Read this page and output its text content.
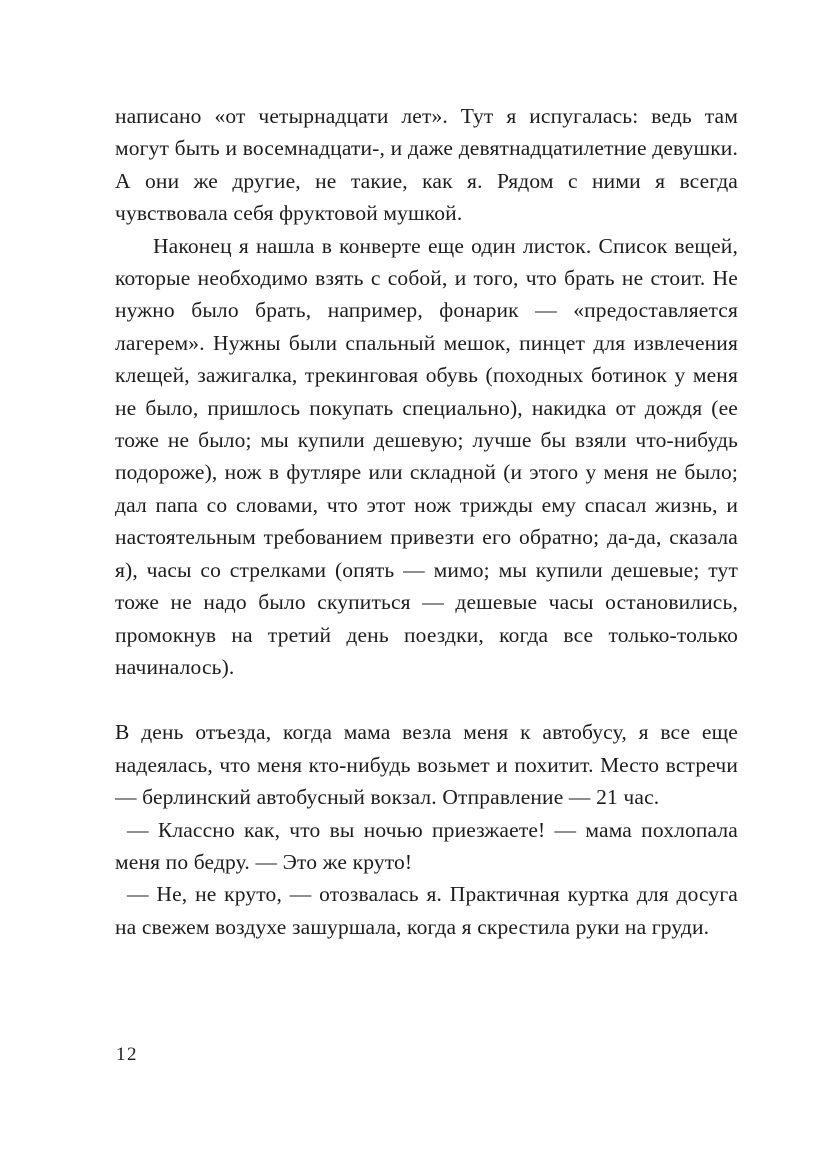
написано «от четырнадцати лет». Тут я испугалась: ведь там могут быть и восемнадцати-, и даже девятнадцатилетние девушки. А они же другие, не такие, как я. Рядом с ними я всегда чувствовала себя фруктовой мушкой.

Наконец я нашла в конверте еще один листок. Список вещей, которые необходимо взять с собой, и того, что брать не стоит. Не нужно было брать, например, фонарик — «предоставляется лагерем». Нужны были спальный мешок, пинцет для извлечения клещей, зажигалка, трекинговая обувь (походных ботинок у меня не было, пришлось покупать специально), накидка от дождя (ее тоже не было; мы купили дешевую; лучше бы взяли что-нибудь подороже), нож в футляре или складной (и этого у меня не было; дал папа со словами, что этот нож трижды ему спасал жизнь, и настоятельным требованием привезти его обратно; да-да, сказала я), часы со стрелками (опять — мимо; мы купили дешевые; тут тоже не надо было скупиться — дешевые часы остановились, промокнув на третий день поездки, когда все только-только начиналось).

В день отъезда, когда мама везла меня к автобусу, я все еще надеялась, что меня кто-нибудь возьмет и похитит. Место встречи — берлинский автобусный вокзал. Отправление — 21 час.

— Классно как, что вы ночью приезжаете! — мама похлопала меня по бедру. — Это же круто!

— Не, не круто, — отозвалась я. Практичная куртка для досуга на свежем воздухе зашуршала, когда я скрестила руки на груди.

12
